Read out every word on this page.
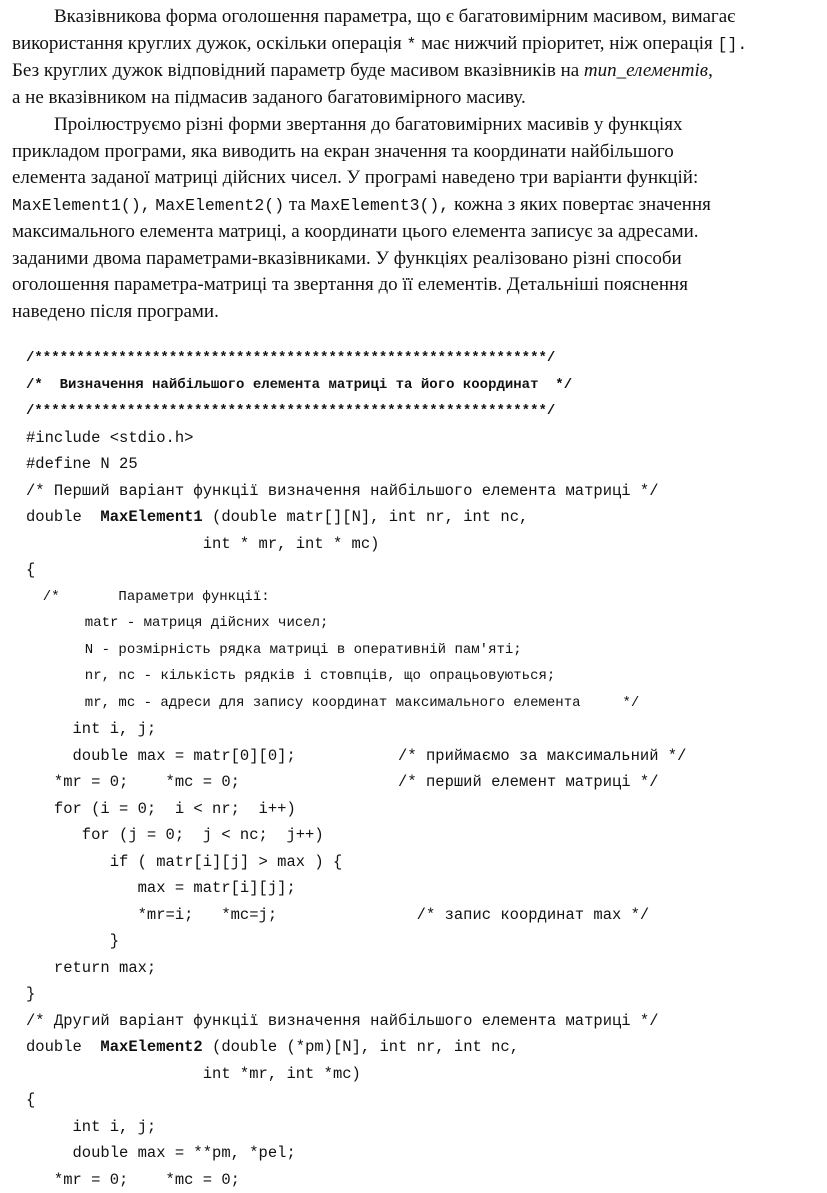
Вказівникова форма оголошення параметра, що є багатовимірним масивом, вимагає
використання круглих дужок, оскільки операція * має нижчий пріоритет, ніж операція [].
Без круглих дужок відповідний параметр буде масивом вказівників на тип_елементів,
а не вказівником на підмасив заданого багатовимірного масиву.
Проілюструємо різні форми звертання до багатовимірних масивів у функціях
прикладом програми, яка виводить на екран значення та координати найбільшого
елемента заданої матриці дійсних чисел. У програмі наведено три варіанти функцій:
MaxElement1(), MaxElement2() та MaxElement3(), кожна з яких повертає значення
максимального елемента матриці, а координати цього елемента записує за адресами.
заданими двома параметрами-вказівниками. У функціях реалізовано різні способи
оголошення параметра-матриці та звертання до її елементів. Детальніші пояснення
наведено після програми.
/*************************************************************/
/*  Визначення найбільшого елемента матриці та його координат  */
/*************************************************************/
#include <stdio.h>
#define N 25
/* Перший варіант функції визначення найбільшого елемента матриці */
double  MaxElement1 (double matr[][N], int nr, int nc,
int * mr, int * mc)
{
/*       Параметри функції:
matr - матриця дійсних чисел;
N - розмірність рядка матриці в оперативній пам'яті;
nr, nc - кількість рядків і стовпців, що опрацьовуються;
mr, mc - адреси для запису координат максимального елемента     */
int i, j;
double max = matr[0][0];           /* приймаємо за максимальний */
*mr = 0;    *mc = 0;                 /* перший елемент матриці */
for (i = 0;  i < nr;  i++)
for (j = 0;  j < nc;  j++)
if ( matr[i][j] > max ) {
max = matr[i][j];
*mr=i;   *mc=j;               /* запис координат max */
}
return max;
}
/* Другий варіант функції визначення найбільшого елемента матриці */
double  MaxElement2 (double (*pm)[N], int nr, int nc,
int *mr, int *mc)
{
int i, j;
double max = **pm, *pel;
*mr = 0;    *mc = 0;
